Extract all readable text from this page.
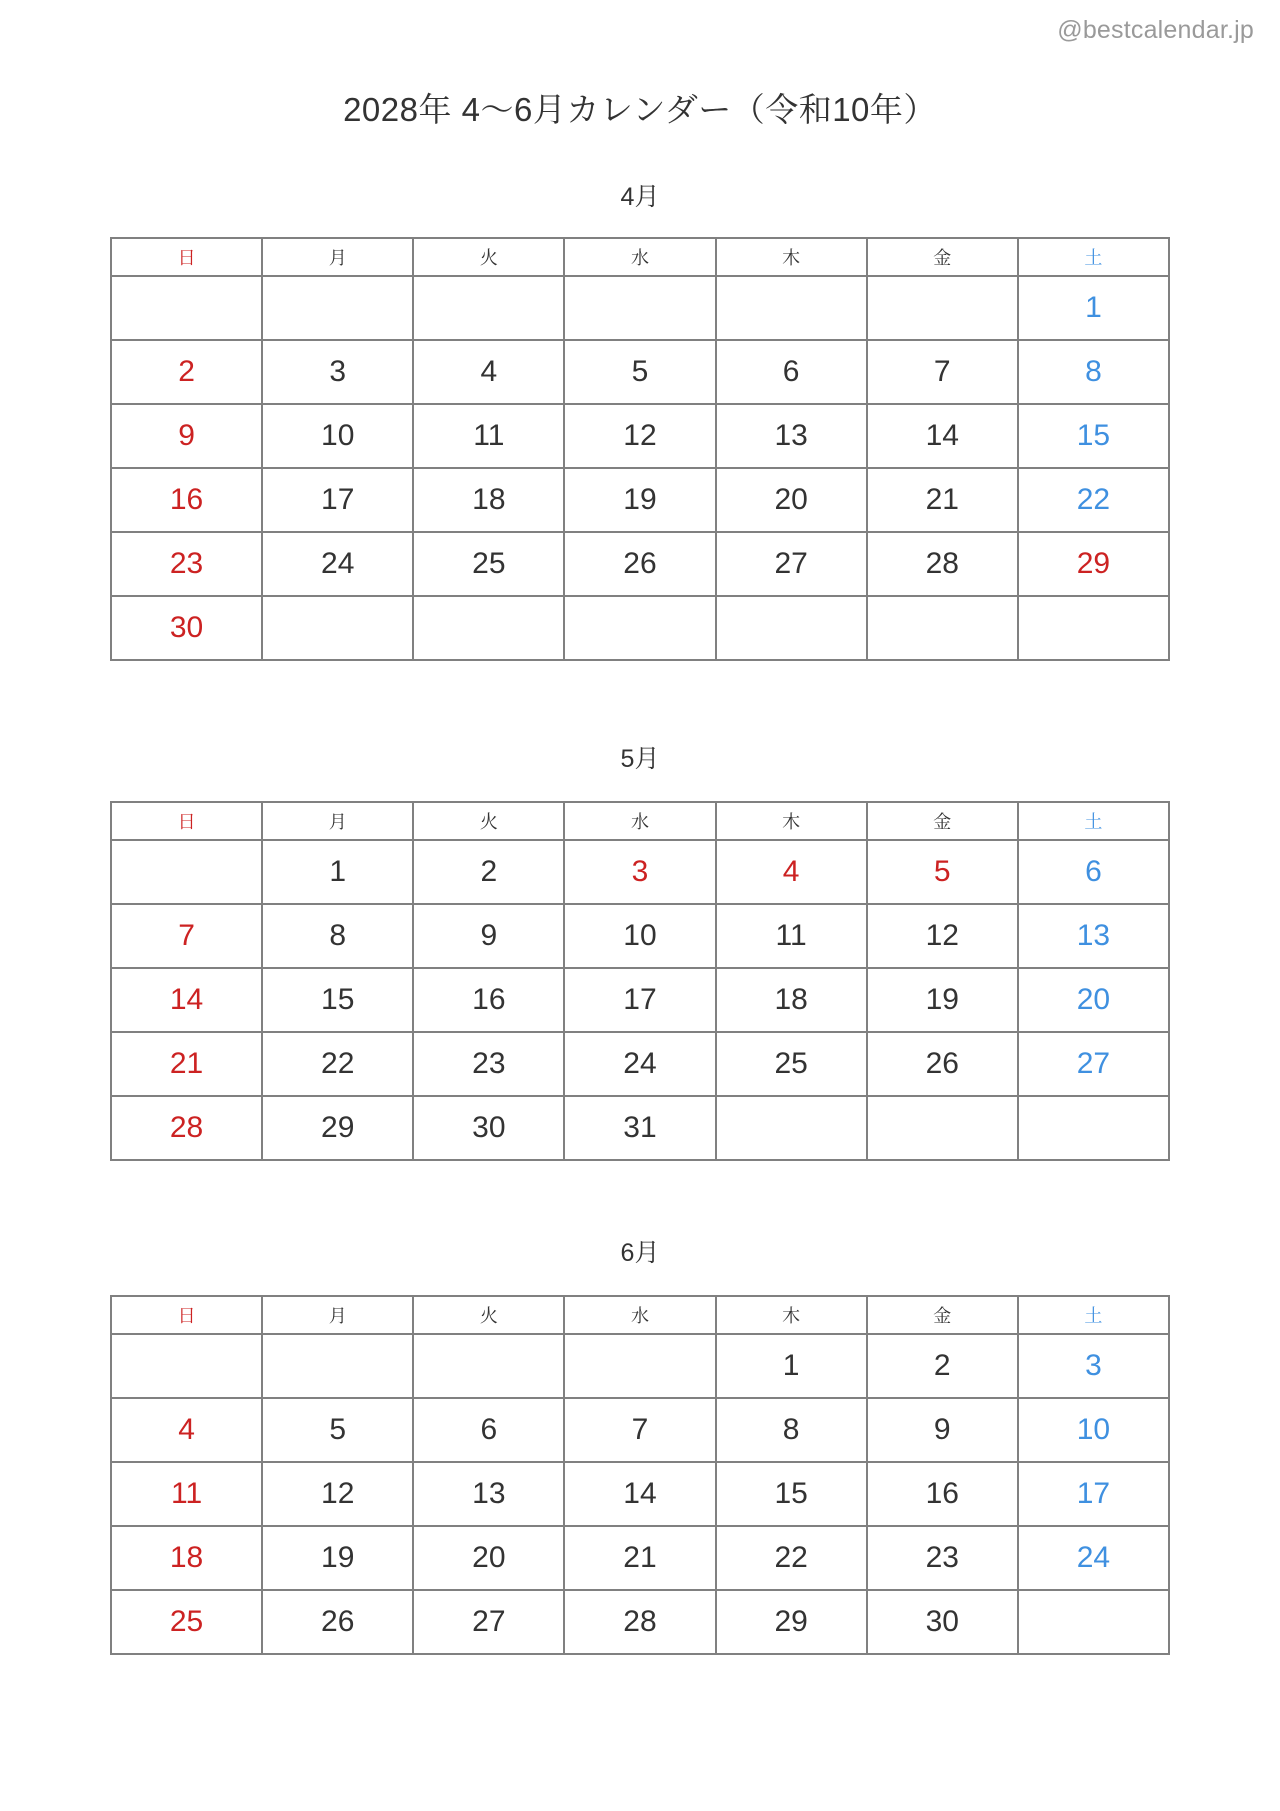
@bestcalendar.jp
2028年 4〜6月カレンダー（令和10年）
4月
日	月	火	水	木	金	土
						1
2	3	4	5	6	7	8
9	10	11	12	13	14	15
16	17	18	19	20	21	22
23	24	25	26	27	28	29
30						
5月
日	月	火	水	木	金	土
	1	2	3	4	5	6
7	8	9	10	11	12	13
14	15	16	17	18	19	20
21	22	23	24	25	26	27
28	29	30	31			
6月
日	月	火	水	木	金	土
				1	2	3
4	5	6	7	8	9	10
11	12	13	14	15	16	17
18	19	20	21	22	23	24
25	26	27	28	29	30	
